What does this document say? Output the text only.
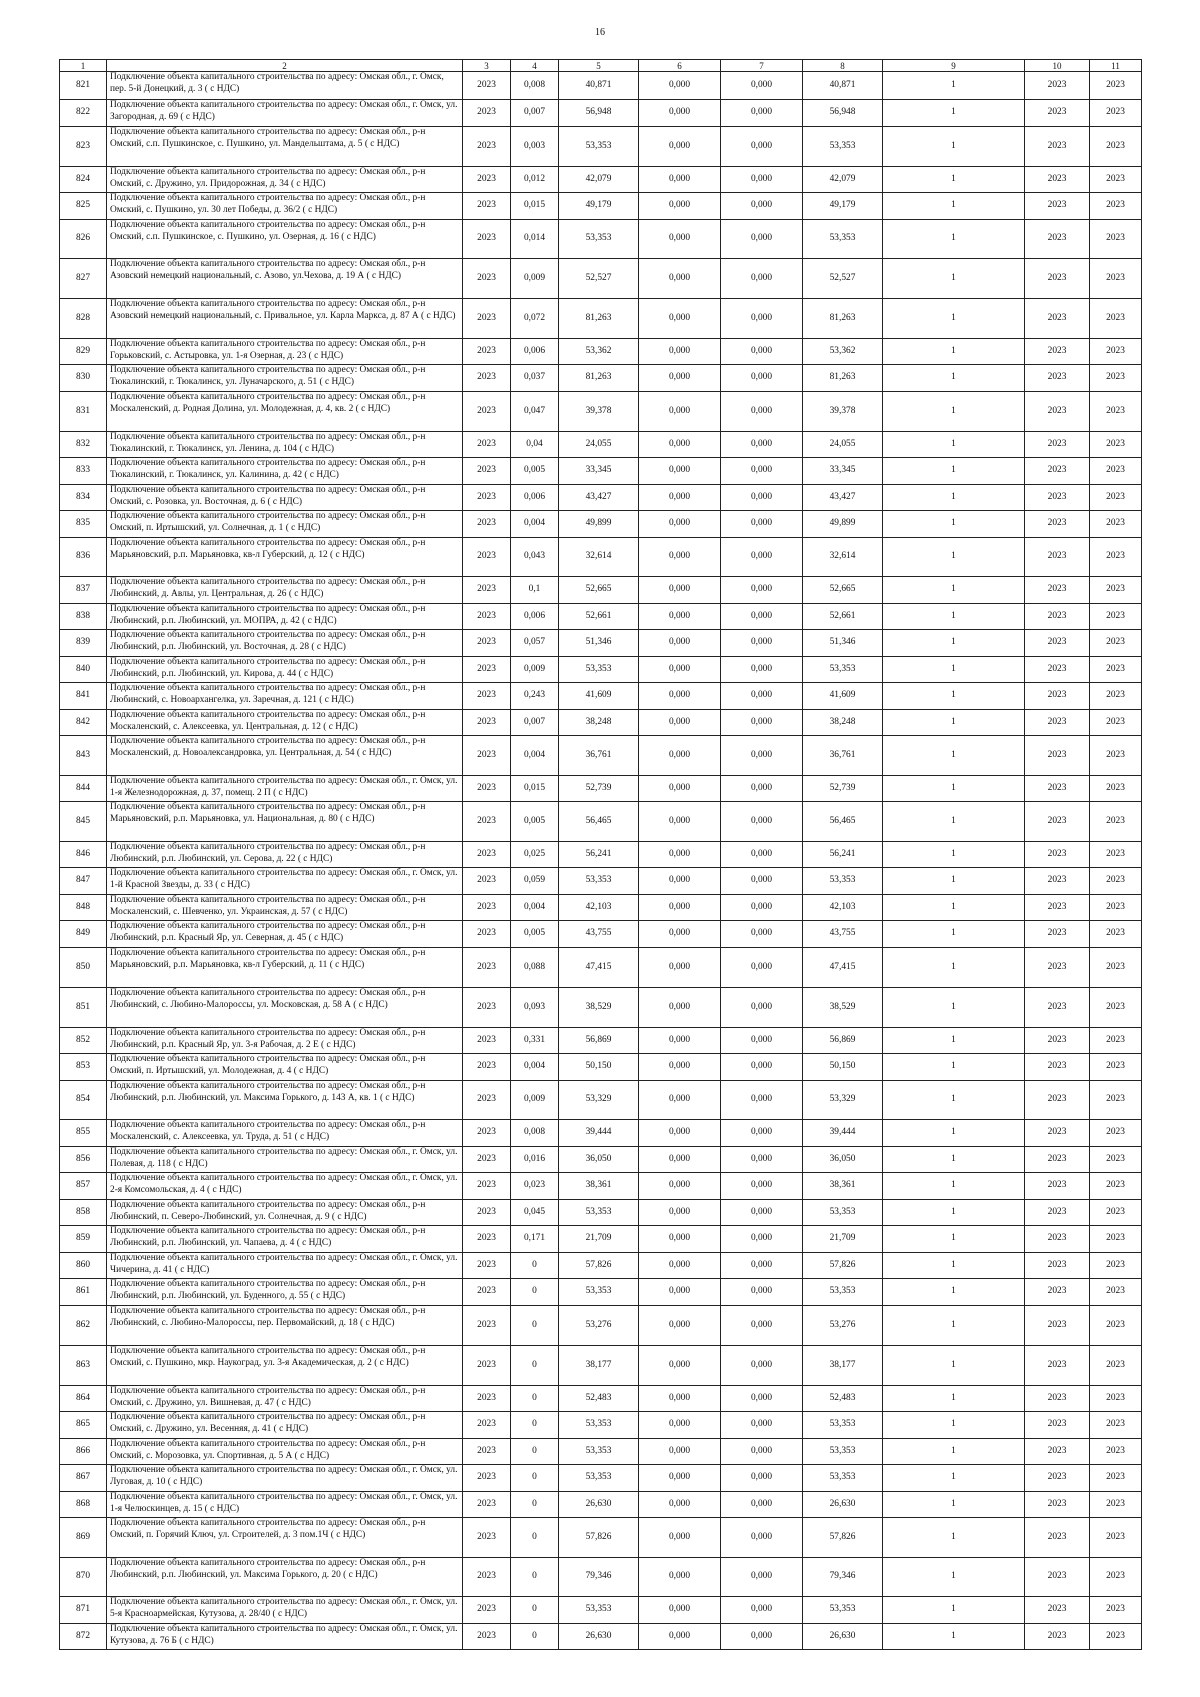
16
1	2	3	4	5	6	7	8	9	10	11
821	Подключение объекта капитального строительства по адресу: Омская обл., г. Омск, пер. 5-й Донецкий, д. 3 ( с НДС)	2023	0,008	40,871	0,000	0,000	40,871	1	2023	2023
822	Подключение объекта капитального строительства по адресу: Омская обл., г. Омск, ул. Загородная, д. 69 ( с НДС)	2023	0,007	56,948	0,000	0,000	56,948	1	2023	2023
823	Подключение объекта капитального строительства по адресу: Омская обл., р-н Омский, с.п. Пушкинское, с. Пушкино, ул. Мандельштама, д. 5 ( с НДС)	2023	0,003	53,353	0,000	0,000	53,353	1	2023	2023
824	Подключение объекта капитального строительства по адресу: Омская обл., р-н Омский, с. Дружино, ул. Придорожная, д. 34 ( с НДС)	2023	0,012	42,079	0,000	0,000	42,079	1	2023	2023
825	Подключение объекта капитального строительства по адресу: Омская обл., р-н Омский, с. Пушкино, ул. 30 лет Победы, д. 36/2 ( с НДС)	2023	0,015	49,179	0,000	0,000	49,179	1	2023	2023
826	Подключение объекта капитального строительства по адресу: Омская обл., р-н Омский, с.п. Пушкинское, с. Пушкино, ул. Озерная, д. 16 ( с НДС)	2023	0,014	53,353	0,000	0,000	53,353	1	2023	2023
827	Подключение объекта капитального строительства по адресу: Омская обл., р-н Азовский немецкий национальный, с. Азово, ул.Чехова, д. 19 А ( с НДС)	2023	0,009	52,527	0,000	0,000	52,527	1	2023	2023
828	Подключение объекта капитального строительства по адресу: Омская обл., р-н Азовский немецкий национальный, с. Привальное, ул. Карла Маркса, д. 87 А ( с НДС)	2023	0,072	81,263	0,000	0,000	81,263	1	2023	2023
829	Подключение объекта капитального строительства по адресу: Омская обл., р-н Горьковский, с. Астыровка, ул. 1-я Озерная, д. 23 ( с НДС)	2023	0,006	53,362	0,000	0,000	53,362	1	2023	2023
830	Подключение объекта капитального строительства по адресу: Омская обл., р-н Тюкалинский, г. Тюкалинск, ул. Луначарского, д. 51 ( с НДС)	2023	0,037	81,263	0,000	0,000	81,263	1	2023	2023
831	Подключение объекта капитального строительства по адресу: Омская обл., р-н Москаленский, д. Родная Долина, ул. Молодежная, д. 4, кв. 2 ( с НДС)	2023	0,047	39,378	0,000	0,000	39,378	1	2023	2023
832	Подключение объекта капитального строительства по адресу: Омская обл., р-н Тюкалинский, г. Тюкалинск, ул. Ленина, д. 104 ( с НДС)	2023	0,04	24,055	0,000	0,000	24,055	1	2023	2023
833	Подключение объекта капитального строительства по адресу: Омская обл., р-н Тюкалинский, г. Тюкалинск, ул. Калинина, д. 42 ( с НДС)	2023	0,005	33,345	0,000	0,000	33,345	1	2023	2023
834	Подключение объекта капитального строительства по адресу: Омская обл., р-н Омский, с. Розовка, ул. Восточная, д. 6 ( с НДС)	2023	0,006	43,427	0,000	0,000	43,427	1	2023	2023
835	Подключение объекта капитального строительства по адресу: Омская обл., р-н Омский, п. Иртышский, ул. Солнечная, д. 1 ( с НДС)	2023	0,004	49,899	0,000	0,000	49,899	1	2023	2023
836	Подключение объекта капитального строительства по адресу: Омская обл., р-н Марьяновский, р.п. Марьяновка, кв-л Губерский, д. 12 ( с НДС)	2023	0,043	32,614	0,000	0,000	32,614	1	2023	2023
837	Подключение объекта капитального строительства по адресу: Омская обл., р-н Любинский, д. Авлы, ул. Центральная, д. 26 ( с НДС)	2023	0,1	52,665	0,000	0,000	52,665	1	2023	2023
838	Подключение объекта капитального строительства по адресу: Омская обл., р-н Любинский, р.п. Любинский, ул. МОПРА, д. 42 ( с НДС)	2023	0,006	52,661	0,000	0,000	52,661	1	2023	2023
839	Подключение объекта капитального строительства по адресу: Омская обл., р-н Любинский, р.п. Любинский, ул. Восточная, д. 28 ( с НДС)	2023	0,057	51,346	0,000	0,000	51,346	1	2023	2023
840	Подключение объекта капитального строительства по адресу: Омская обл., р-н Любинский, р.п. Любинский, ул. Кирова, д. 44 ( с НДС)	2023	0,009	53,353	0,000	0,000	53,353	1	2023	2023
841	Подключение объекта капитального строительства по адресу: Омская обл., р-н Любинский, с. Новоархангелка, ул. Заречная, д. 121 ( с НДС)	2023	0,243	41,609	0,000	0,000	41,609	1	2023	2023
842	Подключение объекта капитального строительства по адресу: Омская обл., р-н Москаленский, с. Алексеевка, ул. Центральная, д. 12 ( с НДС)	2023	0,007	38,248	0,000	0,000	38,248	1	2023	2023
843	Подключение объекта капитального строительства по адресу: Омская обл., р-н Москаленский, д. Новоалександровка, ул. Центральная, д. 54 ( с НДС)	2023	0,004	36,761	0,000	0,000	36,761	1	2023	2023
844	Подключение объекта капитального строительства по адресу: Омская обл., г. Омск, ул. 1-я Железнодорожная, д. 37, помещ. 2 П ( с НДС)	2023	0,015	52,739	0,000	0,000	52,739	1	2023	2023
845	Подключение объекта капитального строительства по адресу: Омская обл., р-н Марьяновский, р.п. Марьяновка, ул. Национальная, д. 80 ( с НДС)	2023	0,005	56,465	0,000	0,000	56,465	1	2023	2023
846	Подключение объекта капитального строительства по адресу: Омская обл., р-н Любинский, р.п. Любинский, ул. Серова, д. 22 ( с НДС)	2023	0,025	56,241	0,000	0,000	56,241	1	2023	2023
847	Подключение объекта капитального строительства по адресу: Омская обл., г. Омск, ул. 1-й Красной Звезды, д. 33 ( с НДС)	2023	0,059	53,353	0,000	0,000	53,353	1	2023	2023
848	Подключение объекта капитального строительства по адресу: Омская обл., р-н Москаленский, с. Шевченко, ул. Украинская, д. 57 ( с НДС)	2023	0,004	42,103	0,000	0,000	42,103	1	2023	2023
849	Подключение объекта капитального строительства по адресу: Омская обл., р-н Любинский, р.п. Красный Яр, ул. Северная, д. 45 ( с НДС)	2023	0,005	43,755	0,000	0,000	43,755	1	2023	2023
850	Подключение объекта капитального строительства по адресу: Омская обл., р-н Марьяновский, р.п. Марьяновка, кв-л Губерский, д. 11 ( с НДС)	2023	0,088	47,415	0,000	0,000	47,415	1	2023	2023
851	Подключение объекта капитального строительства по адресу: Омская обл., р-н Любинский, с. Любино-Малороссы, ул. Московская, д. 58 А ( с НДС)	2023	0,093	38,529	0,000	0,000	38,529	1	2023	2023
852	Подключение объекта капитального строительства по адресу: Омская обл., р-н Любинский, р.п. Красный Яр, ул. 3-я Рабочая, д. 2 Е ( с НДС)	2023	0,331	56,869	0,000	0,000	56,869	1	2023	2023
853	Подключение объекта капитального строительства по адресу: Омская обл., р-н Омский, п. Иртышский, ул. Молодежная, д. 4 ( с НДС)	2023	0,004	50,150	0,000	0,000	50,150	1	2023	2023
854	Подключение объекта капитального строительства по адресу: Омская обл., р-н Любинский, р.п. Любинский, ул. Максима Горького, д. 143 А, кв. 1 ( с НДС)	2023	0,009	53,329	0,000	0,000	53,329	1	2023	2023
855	Подключение объекта капитального строительства по адресу: Омская обл., р-н Москаленский, с. Алексеевка, ул. Труда, д. 51 ( с НДС)	2023	0,008	39,444	0,000	0,000	39,444	1	2023	2023
856	Подключение объекта капитального строительства по адресу: Омская обл., г. Омск, ул. Полевая, д. 118 ( с НДС)	2023	0,016	36,050	0,000	0,000	36,050	1	2023	2023
857	Подключение объекта капитального строительства по адресу: Омская обл., г. Омск, ул. 2-я Комсомольская, д. 4 ( с НДС)	2023	0,023	38,361	0,000	0,000	38,361	1	2023	2023
858	Подключение объекта капитального строительства по адресу: Омская обл., р-н Любинский, п. Северо-Любинский, ул. Солнечная, д. 9 ( с НДС)	2023	0,045	53,353	0,000	0,000	53,353	1	2023	2023
859	Подключение объекта капитального строительства по адресу: Омская обл., р-н Любинский, р.п. Любинский, ул. Чапаева, д. 4 ( с НДС)	2023	0,171	21,709	0,000	0,000	21,709	1	2023	2023
860	Подключение объекта капитального строительства по адресу: Омская обл., г. Омск, ул. Чичерина, д. 41 ( с НДС)	2023	0	57,826	0,000	0,000	57,826	1	2023	2023
861	Подключение объекта капитального строительства по адресу: Омская обл., р-н Любинский, р.п. Любинский, ул. Буденного, д. 55 ( с НДС)	2023	0	53,353	0,000	0,000	53,353	1	2023	2023
862	Подключение объекта капитального строительства по адресу: Омская обл., р-н Любинский, с. Любино-Малороссы, пер. Первомайский, д. 18 ( с НДС)	2023	0	53,276	0,000	0,000	53,276	1	2023	2023
863	Подключение объекта капитального строительства по адресу: Омская обл., р-н Омский, с. Пушкино, мкр. Наукоград, ул. 3-я Академическая, д. 2 ( с НДС)	2023	0	38,177	0,000	0,000	38,177	1	2023	2023
864	Подключение объекта капитального строительства по адресу: Омская обл., р-н Омский, с. Дружино, ул. Вишневая, д. 47 ( с НДС)	2023	0	52,483	0,000	0,000	52,483	1	2023	2023
865	Подключение объекта капитального строительства по адресу: Омская обл., р-н Омский, с. Дружино, ул. Весенняя, д. 41 ( с НДС)	2023	0	53,353	0,000	0,000	53,353	1	2023	2023
866	Подключение объекта капитального строительства по адресу: Омская обл., р-н Омский, с. Морозовка, ул. Спортивная, д. 5 А ( с НДС)	2023	0	53,353	0,000	0,000	53,353	1	2023	2023
867	Подключение объекта капитального строительства по адресу: Омская обл., г. Омск, ул. Луговая, д. 10 ( с НДС)	2023	0	53,353	0,000	0,000	53,353	1	2023	2023
868	Подключение объекта капитального строительства по адресу: Омская обл., г. Омск, ул. 1-я Челюскинцев, д. 15 ( с НДС)	2023	0	26,630	0,000	0,000	26,630	1	2023	2023
869	Подключение объекта капитального строительства по адресу: Омская обл., р-н Омский, п. Горячий Ключ, ул. Строителей, д. 3 пом.1Ч ( с НДС)	2023	0	57,826	0,000	0,000	57,826	1	2023	2023
870	Подключение объекта капитального строительства по адресу: Омская обл., р-н Любинский, р.п. Любинский, ул. Максима Горького, д. 20 ( с НДС)	2023	0	79,346	0,000	0,000	79,346	1	2023	2023
871	Подключение объекта капитального строительства по адресу: Омская обл., г. Омск, ул. 5-я Красноармейская, Кутузова, д. 28/40 ( с НДС)	2023	0	53,353	0,000	0,000	53,353	1	2023	2023
872	Подключение объекта капитального строительства по адресу: Омская обл., г. Омск, ул. Кутузова, д. 76 Б ( с НДС)	2023	0	26,630	0,000	0,000	26,630	1	2023	2023
